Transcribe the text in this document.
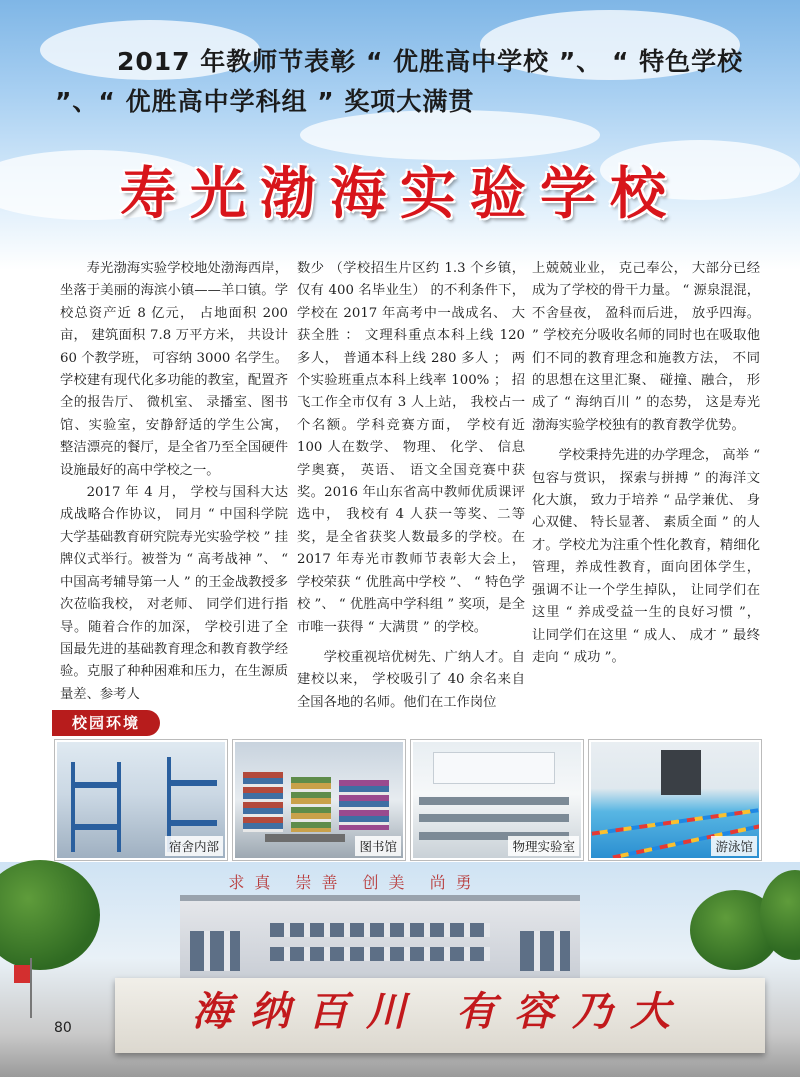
2017 年教师节表彰 “ 优胜高中学校 ”、 “ 特色学校 ”、“ 优胜高中学科组 ” 奖项大满贯
寿光渤海实验学校

寿光渤海实验学校地处渤海西岸，坐落于美丽的海滨小镇——羊口镇。学校总资产近 8 亿元， 占地面积 200 亩， 建筑面积 7.8 万平方米， 共设计 60 个教学班， 可容纳 3000 名学生。学校建有现代化多功能的教室，配置齐全的报告厅、 微机室、 录播室、图书馆、实验室，安静舒适的学生公寓， 整洁漂亮的餐厅，是全省乃至全国硬件设施最好的高中学校之一。

2017 年 4 月， 学校与国科大达成战略合作协议， 同月 “ 中国科学院大学基础教育研究院寿光实验学校 ” 挂牌仪式举行。被誉为 “ 高考战神 ”、 “ 中国高考辅导第一人 ” 的王金战教授多次莅临我校， 对老师、 同学们进行指导。随着合作的加深， 学校引进了全国最先进的基础教育理念和教育教学经验。克服了种种困难和压力，在生源质量差、参考人

数少 （学校招生片区约 1.3 个乡镇，仅有 400 名毕业生） 的不利条件下，学校在 2017 年高考中一战成名、 大获全胜 ： 文理科重点本科上线 120 多人， 普通本科上线 280 多人 ； 两个实验班重点本科上线率 100% ； 招飞工作全市仅有 3 人上站， 我校占一个名额。学科竞赛方面， 学校有近 100 人在数学、 物理、 化学、 信息学奥赛， 英语、 语文全国竞赛中获奖。2016 年山东省高中教师优质课评选中， 我校有 4 人获一等奖、二等奖，是全省获奖人数最多的学校。在 2017 年寿光市教师节表彰大会上， 学校荣获 “ 优胜高中学校 ”、 “ 特色学校 ”、 “ 优胜高中学科组 ” 奖项，是全市唯一获得 “ 大满贯 ” 的学校。

学校重视培优树先、广纳人才。自建校以来， 学校吸引了 40 余名来自全国各地的名师。他们在工作岗位

上兢兢业业， 克己奉公， 大部分已经成为了学校的骨干力量。 “ 源泉混混， 不舍昼夜， 盈科而后进， 放乎四海。 ” 学校充分吸收名师的同时也在吸取他们不同的教育理念和施教方法， 不同的思想在这里汇聚、 碰撞、融合， 形成了 “ 海纳百川 ” 的态势， 这是寿光渤海实验学校独有的教育教学优势。

学校秉持先进的办学理念， 高举 “ 包容与赏识， 探索与拼搏 ” 的海洋文化大旗， 致力于培养 “ 品学兼优、 身心双健、 特长显著、 素质全面 ” 的人才。学校尤为注重个性化教育，精细化管理，养成性教育，面向团体学生， 强调不让一个学生掉队， 让同学们在这里 “ 养成受益一生的良好习惯 ”， 让同学们在这里 “ 成人、 成才 ” 最终走向 “ 成功 ”。

校园环境
宿舍内部	图书馆	物理实验室	游泳馆
求真 崇善 创美 尚勇
海纳百川 有容乃大
80
